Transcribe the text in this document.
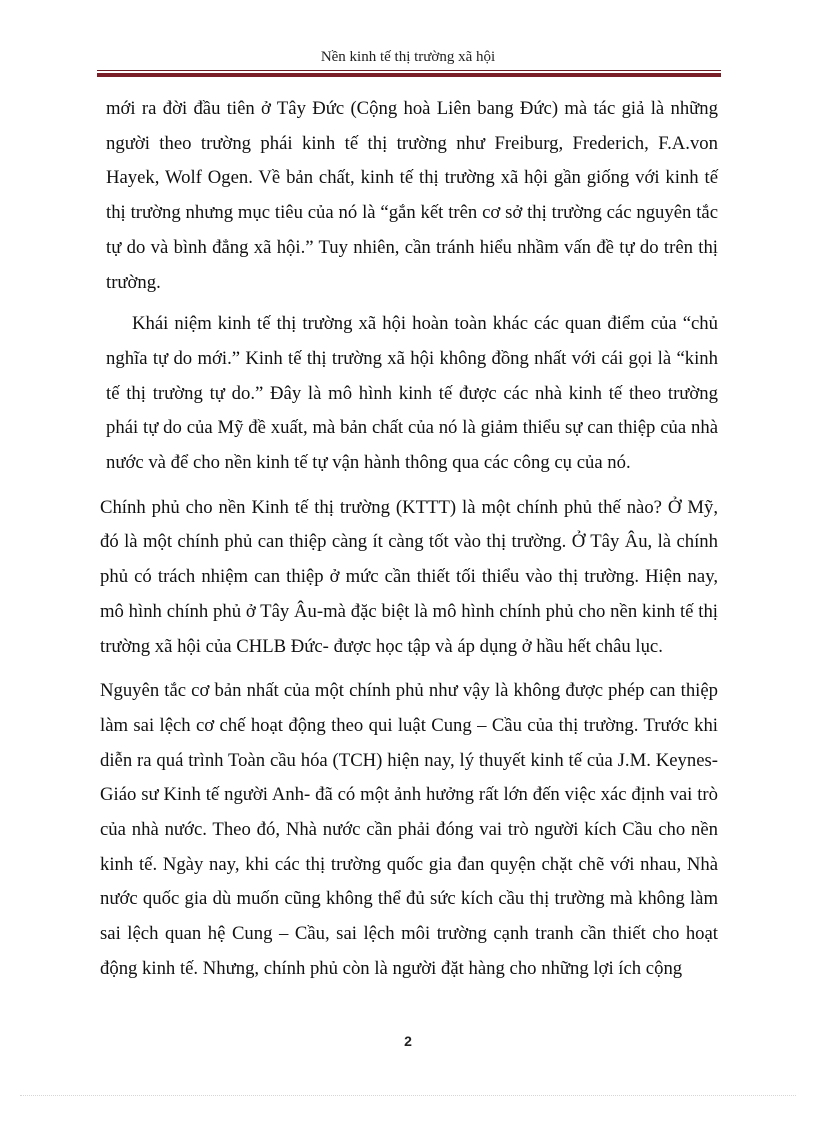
Nền kinh tế thị trường xã hội

mới ra đời đầu tiên ở Tây Đức (Cộng hoà Liên bang Đức) mà tác giả là những người theo trường phái kinh tế thị trường như Freiburg, Frederich, F.A.von Hayek, Wolf Ogen. Về bản chất, kinh tế thị trường xã hội gần giống với kinh tế thị trường nhưng mục tiêu của nó là “gắn kết trên cơ sở thị trường các nguyên tắc tự do và bình đẳng xã hội.” Tuy nhiên, cần tránh hiểu nhầm vấn đề tự do trên thị trường.

Khái niệm kinh tế thị trường xã hội hoàn toàn khác các quan điểm của “chủ nghĩa tự do mới.” Kinh tế thị trường xã hội không đồng nhất với cái gọi là “kinh tế thị trường tự do.” Đây là mô hình kinh tế được các nhà kinh tế theo trường phái tự do của Mỹ đề xuất, mà bản chất của nó là giảm thiểu sự can thiệp của nhà nước và để cho nền kinh tế tự vận hành thông qua các công cụ của nó.

Chính phủ cho nền Kinh tế thị trường (KTTT) là một chính phủ thế nào? Ở Mỹ, đó là một chính phủ can thiệp càng ít càng tốt vào thị trường. Ở Tây Âu, là chính phủ có trách nhiệm can thiệp ở mức cần thiết tối thiểu vào thị trường. Hiện nay, mô hình chính phủ ở Tây Âu-mà đặc biệt là mô hình chính phủ cho nền kinh tế thị trường xã hội của CHLB Đức- được học tập và áp dụng ở hầu hết châu lục.

Nguyên tắc cơ bản nhất của một chính phủ như vậy là không được phép can thiệp làm sai lệch cơ chế hoạt động theo qui luật Cung – Cầu của thị trường. Trước khi diễn ra quá trình Toàn cầu hóa (TCH) hiện nay, lý thuyết kinh tế của J.M. Keynes-Giáo sư Kinh tế người Anh- đã có một ảnh hưởng rất lớn đến việc xác định vai trò của nhà nước. Theo đó, Nhà nước cần phải đóng vai trò người kích Cầu cho nền kinh tế. Ngày nay, khi các thị trường quốc gia đan quyện chặt chẽ với nhau, Nhà nước quốc gia dù muốn cũng không thể đủ sức kích cầu thị trường mà không làm sai lệch quan hệ Cung – Cầu, sai lệch môi trường cạnh tranh cần thiết cho hoạt động kinh tế. Nhưng, chính phủ còn là người đặt hàng cho những lợi ích cộng

2
